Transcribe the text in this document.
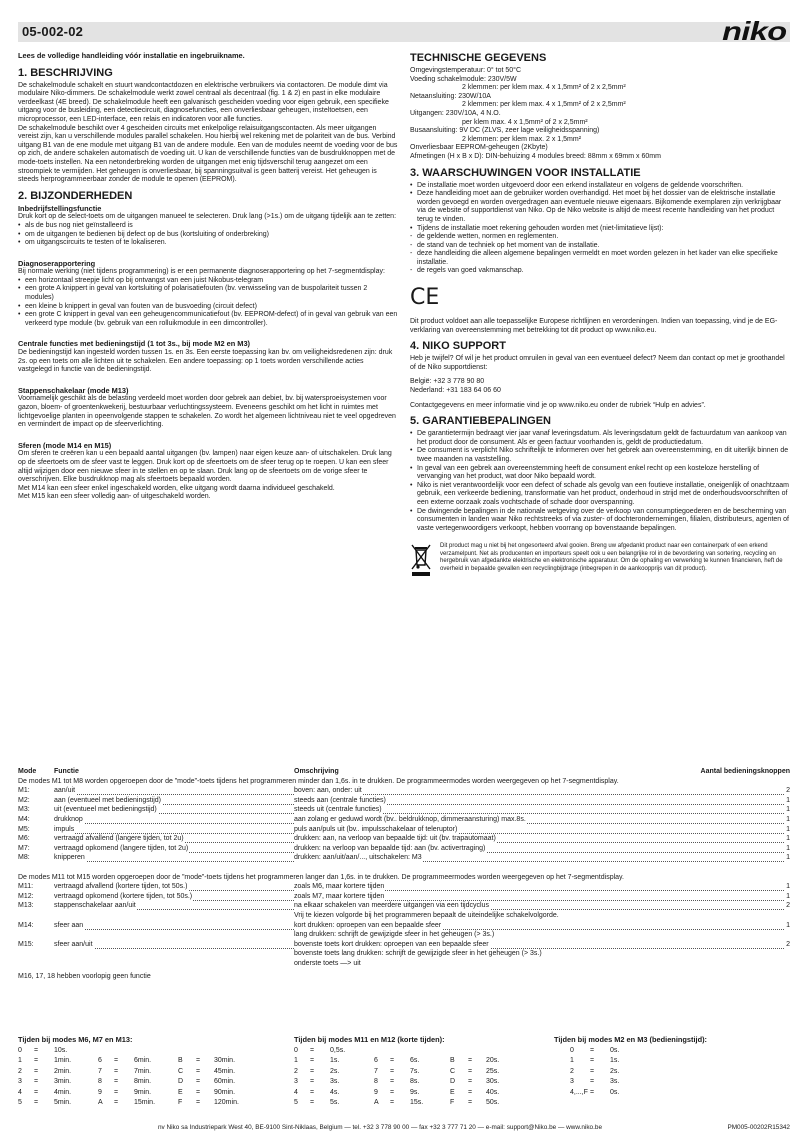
05-002-02	niko

Lees de volledige handleiding vóór installatie en ingebruikname.

1. BESCHRIJVING

De schakelmodule schakelt en stuurt wandcontactdozen en elektrische verbruikers via contactoren. De module dimt via modulaire Niko-dimmers. De schakelmodule werkt zowel centraal als decentraal (fig. 1 & 2) en past in elke modulaire verdeelkast (4E breed). De schakelmodule heeft een galvanisch gescheiden voeding voor eigen gebruik, een specifieke uitgang voor de busleiding, een detectiecircuit, diagnosefuncties, een onverliesbaar geheugen, insteltoetsen, een microprocessor, een LED-interface, een relais en indicatoren voor alle functies.

De schakelmodule beschikt over 4 gescheiden circuits met enkelpolige relaisuitgangscontacten. Als meer uitgangen vereist zijn, kan u verschillende modules parallel schakelen. Hou hierbij wel rekening met de polariteit van de bus. Verbind uitgang B1 van de ene module met uitgang B1 van de andere module. Een van de modules neemt de voeding voor de bus op zich, de andere schakelen automatisch de voeding uit. U kan de verschillende functies van de busdrukknoppen met de mode-toets instellen. Na een netonderbreking worden de uitgangen met enig tijdsverschil terug aangezet om een stroompiek te vermijden. Het geheugen is onverliesbaar, bij spanningsuitval is geen batterij vereist. Het geheugen is steeds herprogrammeerbaar zonder de module te openen (EEPROM).

2. BIJZONDERHEDEN
Inbedrijfstellingsfunctie

Druk kort op de select-toets om de uitgangen manueel te selecteren. Druk lang (>1s.) om de uitgang tijdelijk aan te zetten:

• als de bus nog niet geïnstalleerd is
• om de uitgangen te bedienen bij defect op de bus (kortsluiting of onderbreking)
• om uitgangscircuits te testen of te lokaliseren.
Diagnoserapportering

Bij normale werking (niet tijdens programmering) is er een permanente diagnoserapportering op het 7-segmentdisplay:

• een horizontaal streepje licht op bij ontvangst van een juist Nikobus-telegram
• een grote A knippert in geval van kortsluiting of polarisatiefouten (bv. verwisseling van de buspolariteit tussen 2 modules)
• een kleine b knippert in geval van fouten van de busvoeding (circuit defect)
• een grote C knippert in geval van een geheugencommunicatiefout (bv. EEPROM-defect) of in geval van gebruik van een verkeerd type module (bv. gebruik van een rolluikmodule in een dimcontroller).
Centrale functies met bedieningstijd (1 tot 3s., bij mode M2 en M3)

De bedieningstijd kan ingesteld worden tussen 1s. en 3s. Een eerste toepassing kan bv. om veiligheidsredenen zijn: druk 2s. op een toets om alle lichten uit te schakelen. Een andere toepassing: op 1 toets worden verschillende acties vastgelegd in functie van de bedieningstijd.

Stappenschakelaar (mode M13)

Voornamelijk geschikt als de belasting verdeeld moet worden door gebrek aan debiet, bv. bij watersproeisystemen voor gazon, bloem- of groentenkwekerij, bestuurbaar verluchtingssysteem. Eveneens geschikt om het licht in ruimtes met lichtgevoelige planten in opeenvolgende stappen te schakelen. Zo wordt het algemeen lichtniveau niet te veel opgedreven en vermindert de impact op de sfeerverlichting.

Sferen (mode M14 en M15)

Om sferen te creëren kan u een bepaald aantal uitgangen (bv. lampen) naar eigen keuze aan- of uitschakelen. Druk lang op de sfeertoets om de sfeer vast te leggen. Druk kort op de sfeertoets om de sfeer terug op te roepen. U kan een sfeer altijd wijzigen door een nieuwe sfeer in te stellen en op te slaan. Druk lang op de sfeertoets om de vorige sfeer te overschrijven. Elke busdrukknop mag als sfeertoets bepaald worden.

Met M14 kan een sfeer enkel ingeschakeld worden, elke uitgang wordt daarna individueel geschakeld.

Met M15 kan een sfeer volledig aan- of uitgeschakeld worden.

TECHNISCHE GEGEVENS

Omgevingstemperatuur: 0° tot 50°C

Voeding schakelmodule: 230V/5W

2 klemmen: per klem max. 4 x 1,5mm² of 2 x 2,5mm²

Netaansluiting: 230W/10A

2 klemmen: per klem max. 4 x 1,5mm² of 2 x 2,5mm²

Uitgangen: 230V/10A, 4 N.O.

per klem max. 4 x 1,5mm² of 2 x 2,5mm²

Busaansluiting: 9V DC (ZLVS, zeer lage veiligheidsspanning)

2 klemmen: per klem max. 2 x 1,5mm²

Onverliesbaar EEPROM-geheugen (2Kbyte)

Afmetingen (H x B x D): DIN-behuizing 4 modules breed: 88mm x 69mm x 60mm

3. WAARSCHUWINGEN VOOR INSTALLATIE
• De installatie moet worden uitgevoerd door een erkend installateur en volgens de geldende voorschriften.
• Deze handleiding moet aan de gebruiker worden overhandigd. Het moet bij het dossier van de elektrische installatie worden gevoegd en worden overgedragen aan eventuele nieuwe eigenaars. Bijkomende exemplaren zijn verkrijgbaar via de website of supportdienst van Niko. Op de Niko website is altijd de meest recente handleiding van het product terug te vinden.
• Tijdens de installatie moet rekening gehouden worden met (niet-limitatieve lijst):
- de geldende wetten, normen en reglementen.
- de stand van de techniek op het moment van de installatie.
- deze handleiding die alleen algemene bepalingen vermeldt en moet worden gelezen in het kader van elke specifieke installatie.
- de regels van goed vakmanschap.
CE

Dit product voldoet aan alle toepasselijke Europese richtlijnen en verordeningen. Indien van toepassing, vind je de EG-verklaring van overeenstemming met betrekking tot dit product op www.niko.eu.

4. NIKO SUPPORT

Heb je twijfel? Of wil je het product omruilen in geval van een eventueel defect? Neem dan contact op met je groothandel of de Niko supportdienst:

België: +32 3 778 90 80

Nederland: +31 183 64 06 60

Contactgegevens en meer informatie vind je op www.niko.eu onder de rubriek “Hulp en advies”.

5. GARANTIEBEPALINGEN
• De garantietermijn bedraagt vier jaar vanaf leveringsdatum. Als leveringsdatum geldt de factuurdatum van aankoop van het product door de consument. Als er geen factuur voorhanden is, geldt de productiedatum.
• De consument is verplicht Niko schriftelijk te informeren over het gebrek aan overeenstemming, en dit uiterlijk binnen de twee maanden na vaststelling.
• In geval van een gebrek aan overeenstemming heeft de consument enkel recht op een kosteloze herstelling of vervanging van het product, wat door Niko bepaald wordt.
• Niko is niet verantwoordelijk voor een defect of schade als gevolg van een foutieve installatie, oneigenlijk of onachtzaam gebruik, een verkeerde bediening, transformatie van het product, onderhoud in strijd met de onderhoudsvoorschriften of een externe oorzaak zoals vochtschade of schade door overspanning.
• De dwingende bepalingen in de nationale wetgeving over de verkoop van consumptiegoederen en de bescherming van consumenten in landen waar Niko rechtstreeks of via zuster- of dochterondernemingen, filialen, distributeurs, agenten of vaste vertegenwoordigers verkoopt, hebben voorrang op bovenstaande bepalingen.

Dit product mag u niet bij het ongesorteerd afval gooien. Breng uw afgedankt product naar een containerpark of een erkend verzamelpunt. Net als producenten en importeurs speelt ook u een belangrijke rol in de bevordering van sortering, recycling en hergebruik van afgedankte elektrische en elektronische apparatuur. Om de ophaling en verwerking te kunnen financieren, heft de overheid in bepaalde gevallen een recyclingbijdrage (inbegrepen in de aankoopprijs van dit product).

Mode	Functie	Omschrijving	Aantal bedieningsknoppen
De modes M1 tot M8 worden opgeroepen door de ”mode”-toets tijdens het programmeren minder dan 1,6s. in te drukken. De programmeermodes worden weergegeven op het 7-segmentdisplay.
M1:	aan/uit	boven: aan, onder: uit	2
M2:	aan (eventueel met bedieningstijd)	steeds aan (centrale functies)	1
M3:	uit (eventueel met bedieningstijd)	steeds uit (centrale functies)	1
M4:	drukknop	aan zolang er geduwd wordt (bv.. beldrukknop, dimmeraansturing) max.8s.	1
M5:	impuls	puls aan/puls uit (bv.. impulsschakelaar of teleruptor)	1
M6:	vertraagd afvallend (langere tijden, tot 2u)	drukken: aan, na verloop van bepaalde tijd: uit (bv. trapautomaat)	1
M7:	vertraagd opkomend (langere tijden, tot 2u)	drukken: na verloop van bepaalde tijd: aan (bv. activertraging)	1
M8:	knipperen	drukken: aan/uit/aan/..., uitschakelen: M3	1
De modes M11 tot M15 worden opgeroepen door de ”mode”-toets tijdens het programmeren langer dan 1,6s. in te drukken. De programmeermodes worden weergegeven op het 7-segmentdisplay.
M11:	vertraagd afvallend (kortere tijden, tot 50s.)	zoals M6, maar kortere tijden	1
M12:	vertraagd opkomend (kortere tijden, tot 50s.)	zoals M7, maar kortere tijden	1
M13:	stappenschakelaar aan/uit	na elkaar schakelen van meerdere uitgangen via een tijdcyclus	2
Vrij te kiezen volgorde bij het programmeren bepaalt de uiteindelijke schakelvolgorde.
M14:	sfeer aan	kort drukken: oproepen van een bepaalde sfeer	1
lang drukken: schrijft de gewijzigde sfeer in het geheugen (> 3s.)
M15:	sfeer aan/uit	bovenste toets kort drukken: oproepen van een bepaalde sfeer	2
bovenste toets lang drukken: schrijft de gewijzigde sfeer in het geheugen (> 3s.)
onderste toets —> uit
M16, 17, 18 hebben voorlopig geen functie
Tijden bij modes M6, M7 en M13:
0 = 10s.
1 = 1min.	6 = 6min.	B = 30min.
2 = 2min.	7 = 7min.	C = 45min.
3 = 3min.	8 = 8min.	D = 60min.
4 = 4min.	9 = 9min.	E = 90min.
5 = 5min.	A = 15min.	F = 120min.
Tijden bij modes M11 en M12 (korte tijden):
0 = 0,5s.
1 = 1s.	6 = 6s.	B = 20s.
2 = 2s.	7 = 7s.	C = 25s.
3 = 3s.	8 = 8s.	D = 30s.
4 = 4s.	9 = 9s.	E = 40s.
5 = 5s.	A = 15s.	F = 50s.
Tijden bij modes M2 en M3 (bedieningstijd):
0 = 0s.
1 = 1s.
2 = 2s.
3 = 3s.
4,...,F = 0s.
nv Niko sa Industriepark West 40, BE-9100 Sint-Niklaas, Belgium — tel. +32 3 778 90 00 — fax +32 3 777 71 20 — e-mail: support@Niko.be — www.niko.be	PM005-00202R15342
